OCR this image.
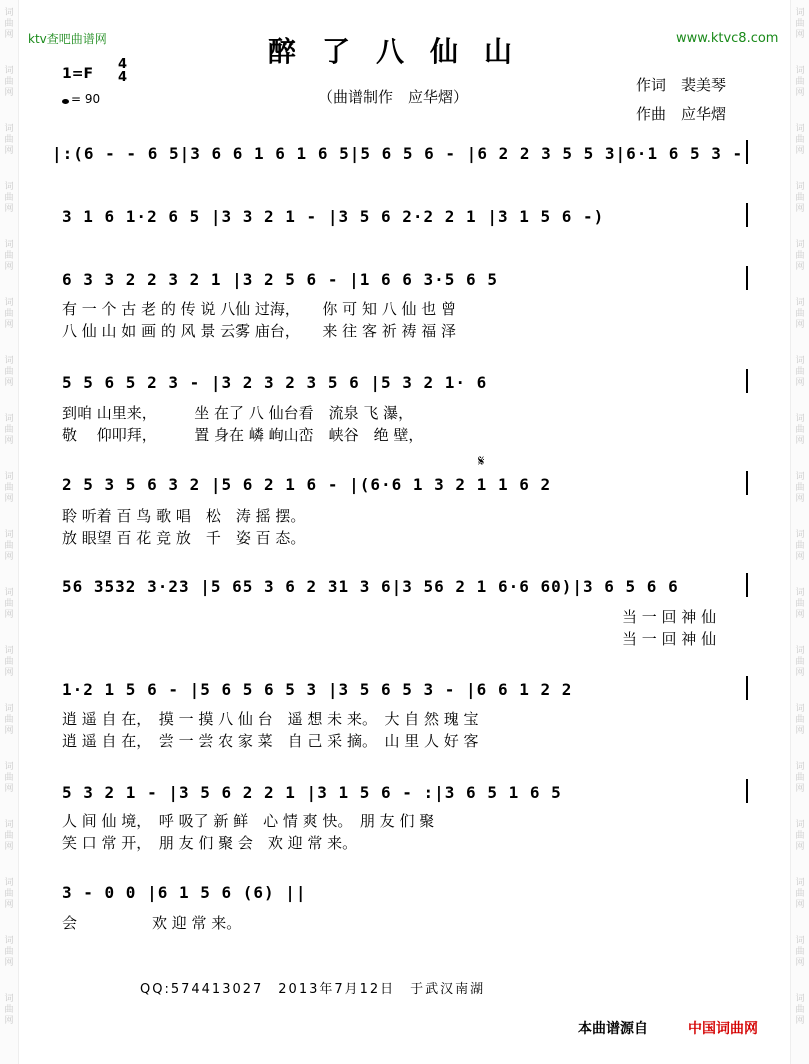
词
曲
网
词
曲
网
词
曲
网
词
曲
网
词
曲
网
词
曲
网
词
曲
网
词
曲
网
词
曲
网
词
曲
网
词
曲
网
词
曲
网
词
曲
网
词
曲
网
词
曲
网
词
曲
网
词
曲
网
词
曲
网
词
曲
网
词
曲
网
词
曲
网
词
曲
网
词
曲
网
词
曲
网
词
曲
网
词
曲
网
词
曲
网
词
曲
网
词
曲
网
词
曲
网
词
曲
网
词
曲
网
词
曲
网
词
曲
网
词
曲
网
词
曲
网
ktv查吧曲谱网	www.ktvc8.com
醉了八仙山
（曲谱制作　应华熠）
作词　裴美琴
作曲　应华熠
1=F
4
4
= 90
|:(6 - - 6 5|3 6 6 1 6 1 6 5|5 6 5 6 - |6 2 2 3 5 5 3|6·1 6 5 3 -
3 1 6 1·2 6 5 |3 3 2 1 - |3 5 6 2·2 2 1 |3 1 5 6 -)
6 3 3 2 2 3 2 1 |3 2 5 6 - |1 6 6 3·5 6 5
有 一 个 古 老 的 传 说 八仙 过海，　　你 可 知 八 仙 也 曾
八 仙 山 如 画 的 风 景 云雾 庙台，　　来 往 客 祈 祷 福 泽
5 5 6 5 2 3 - |3 2 3 2 3 5 6 |5 3 2 1· 6
到咱 山里来，　　　坐 在了 八 仙台看　流泉 飞 瀑，
敬　 仰叩拜，　　　置 身在 嶙 峋山峦　峡谷　绝 壁，
2 5 3 5 6 3 2 |5 6 2 1 6 - |(6·6 1 3 2 1 1 6 2
聆 听着 百 鸟 歌 唱　松　涛 摇 摆。
放 眼望 百 花 竞 放　千　姿 百 态。
𝄋
56 3532 3·23 |5 65 3 6 2 31 3 6|3 56 2 1 6·6 60)|3 6 5 6 6
当 一 回 神 仙
当 一 回 神 仙
1·2 1 5 6 - |5 6 5 6 5 3 |3 5 6 5 3 - |6 6 1 2 2
逍 遥 自 在，　摸 一 摸 八 仙 台　遥 想 未 来。　大 自 然 瑰 宝
逍 遥 自 在，　尝 一 尝 农 家 菜　自 己 采 摘。　山 里 人 好 客
5 3 2 1 - |3 5 6 2 2 1 |3 1 5 6 - :|3 6 5 1 6 5
人 间 仙 境，　呼 吸了 新 鲜　心 情 爽 快。　朋 友 们 聚
笑 口 常 开，　朋 友 们 聚 会　欢 迎 常 来。
3 - 0 0 |6 1 5 6 (6) ||
会　　　　　欢 迎 常 来。
QQ:574413027　2013年7月12日　于武汉南湖
本曲谱源自	中国词曲网
